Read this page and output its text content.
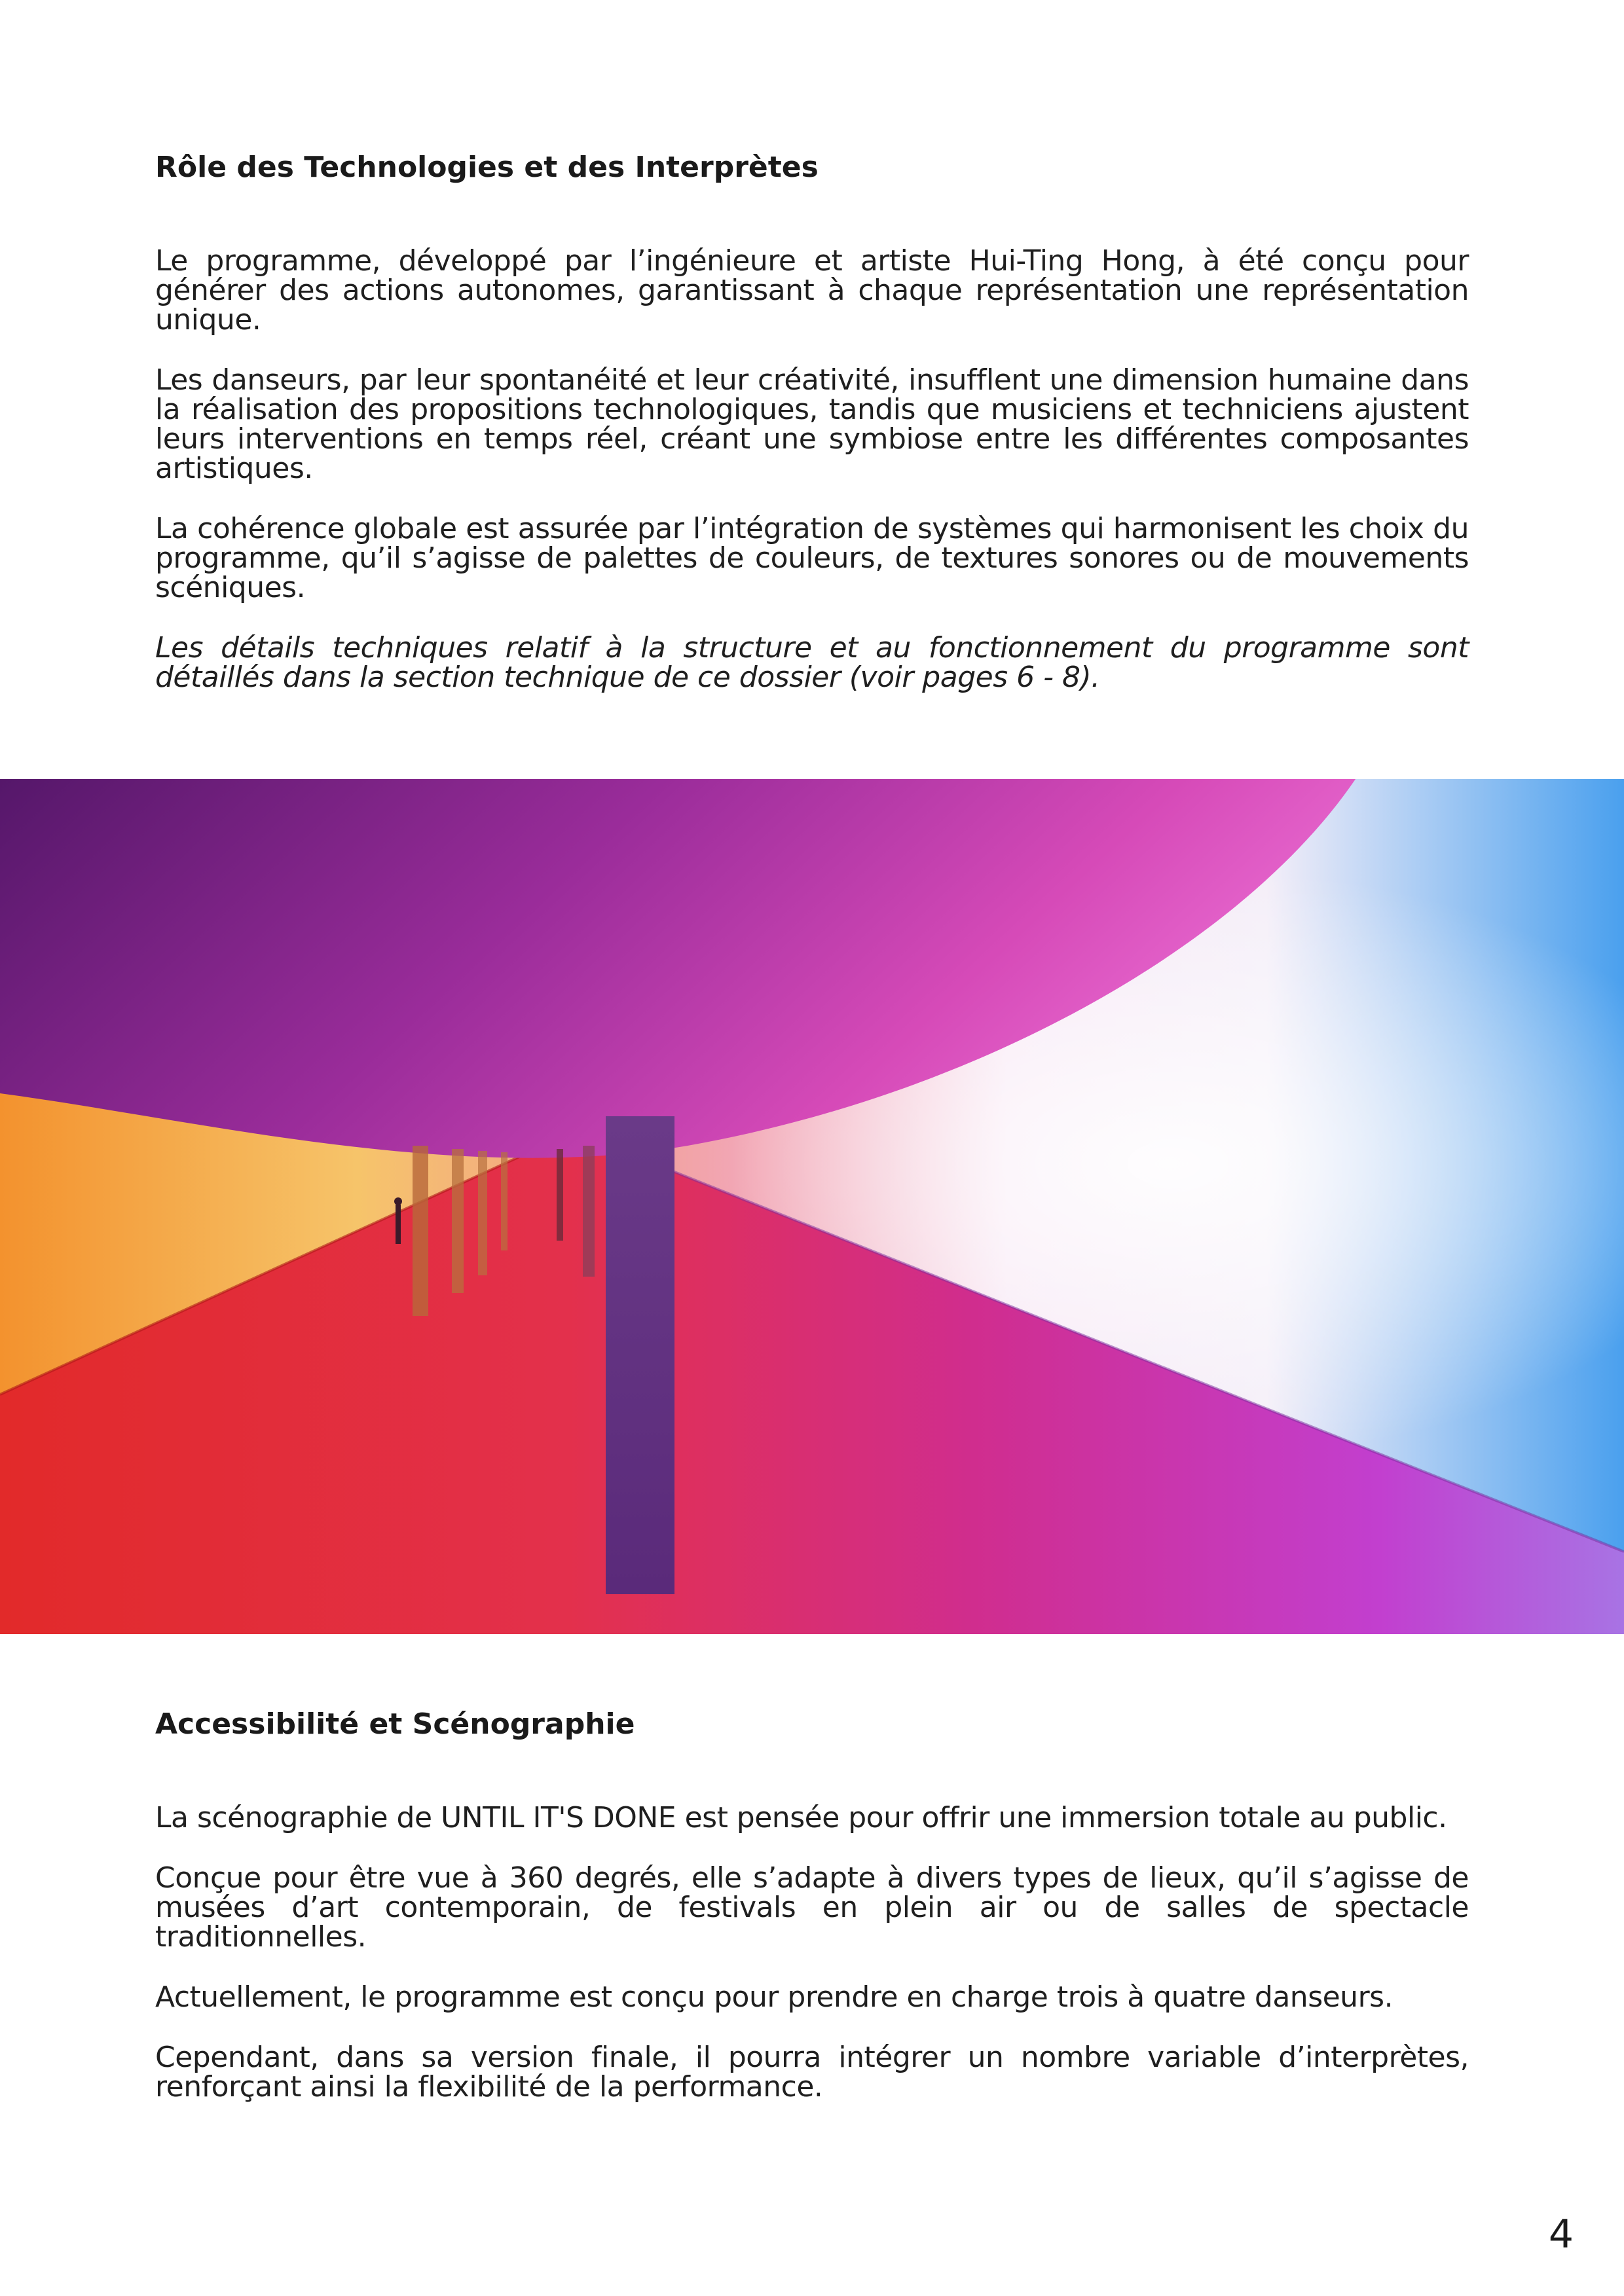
Rôle des Technologies et des Interprètes

Le programme, développé par l’ingénieure et artiste Hui-Ting Hong, à été conçu pour générer des actions autonomes, garantissant à chaque représentation une représentation unique.

Les danseurs, par leur spontanéité et leur créativité, insufflent une dimension humaine dans la réalisation des propositions technologiques, tandis que musiciens et techniciens ajustent leurs interventions en temps réel, créant une symbiose entre les différentes composantes artistiques.

La cohérence globale est assurée par l’intégration de systèmes qui harmonisent les choix du programme, qu’il s’agisse de palettes de couleurs, de textures sonores ou de mouvements scéniques.

Les détails techniques relatif à la structure et au fonctionnement du programme sont détaillés dans la section technique de ce dossier (voir pages 6 - 8).

Accessibilité et Scénographie

La scénographie de UNTIL IT'S DONE est pensée pour offrir une immersion totale au public.

Conçue pour être vue à 360 degrés, elle s’adapte à divers types de lieux, qu’il s’agisse de musées d’art contemporain, de festivals en plein air ou de salles de spectacle traditionnelles.

Actuellement, le programme est conçu pour prendre en charge trois à quatre danseurs.

Cependant, dans sa version finale, il pourra intégrer un nombre variable d’interprètes, renforçant ainsi la flexibilité de la performance.

4
